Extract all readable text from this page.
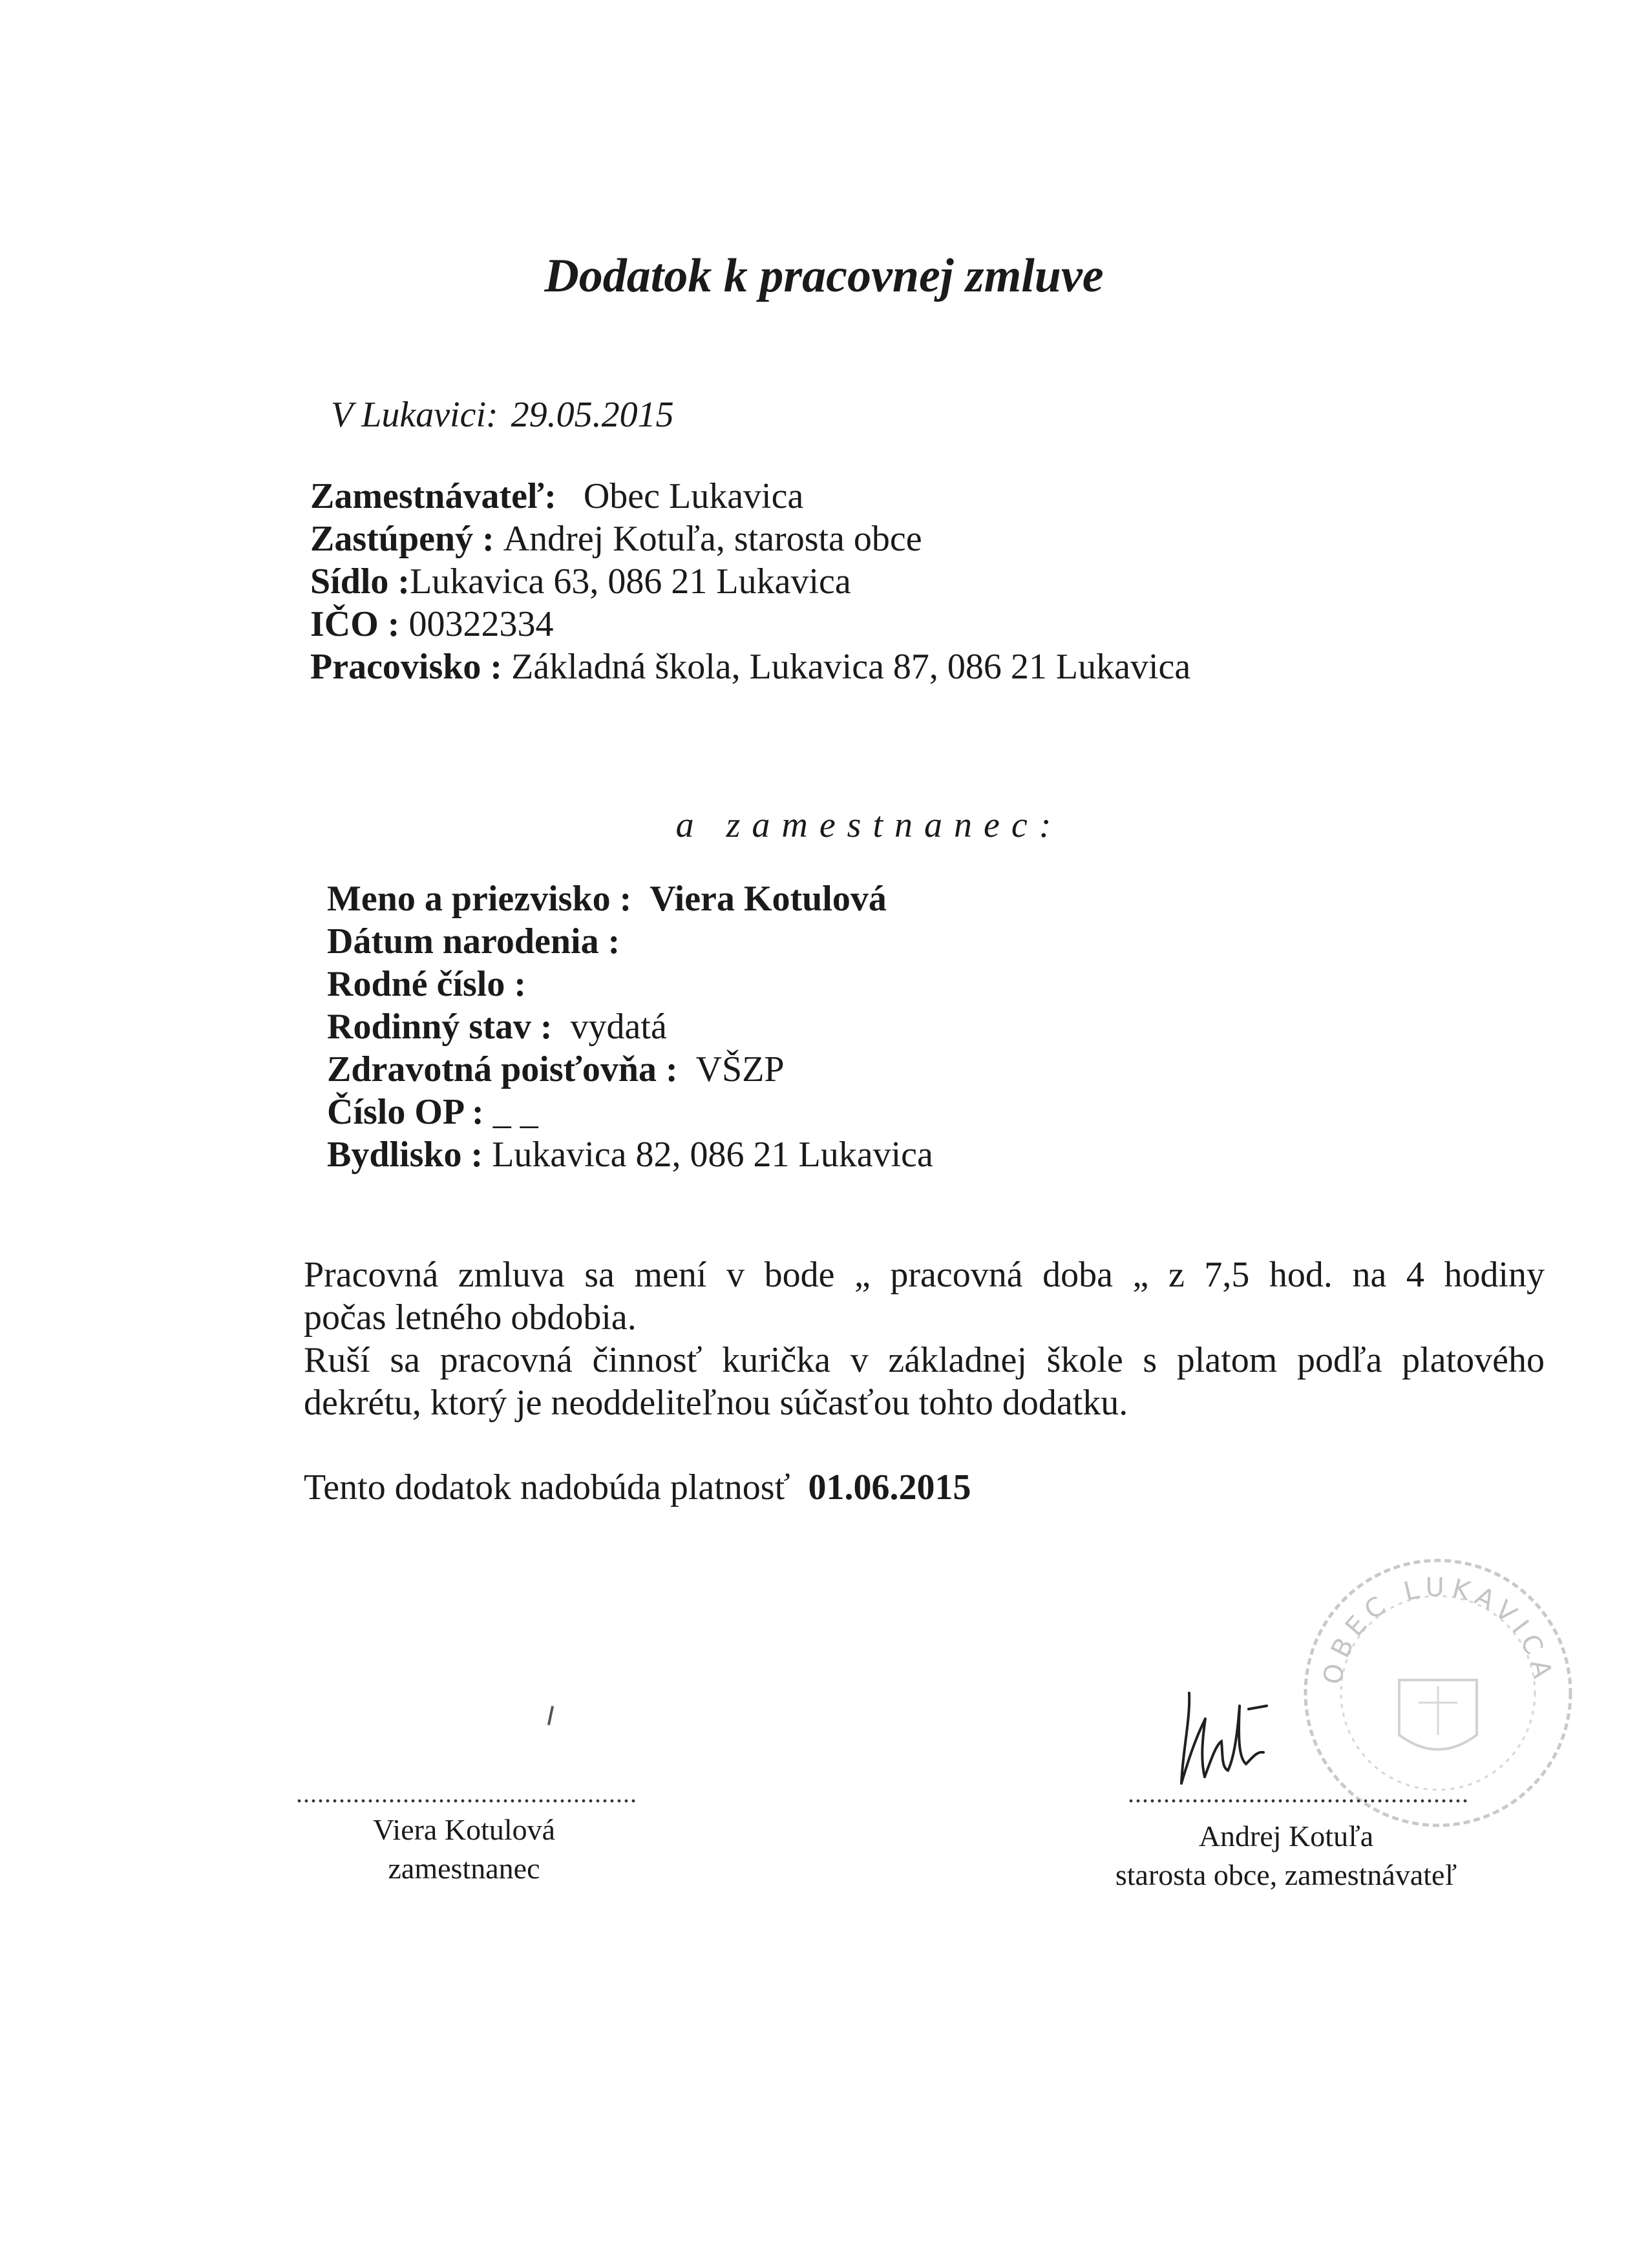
Dodatok k pracovnej zmluve
V Lukavici: 29.05.2015
Zamestnávateľ: Obec Lukavica
Zastúpený : Andrej Kotuľa, starosta obce
Sídlo :Lukavica 63, 086 21 Lukavica
IČO : 00322334
Pracovisko : Základná škola, Lukavica 87, 086 21 Lukavica
a zamestnanec:
Meno a priezvisko : Viera Kotulová
Dátum narodenia :
Rodné číslo :
Rodinný stav : vydatá
Zdravotná poisťovňa : VŠZP
Číslo OP : _ _
Bydlisko : Lukavica 82, 086 21 Lukavica

Pracovná zmluva sa mení v bode „ pracovná doba „ z 7,5 hod. na 4 hodiny

počas letného obdobia.

Ruší sa pracovná činnosť kurička v základnej škole s platom podľa platového

dekrétu, ktorý je neoddeliteľnou súčasťou tohto dodatku.

Tento dodatok nadobúda platnosť 01.06.2015
OBEC LUKAVICA
................................................	................................................
Viera Kotulová
zamestnanec
Andrej Kotuľa
starosta obce, zamestnávateľ
